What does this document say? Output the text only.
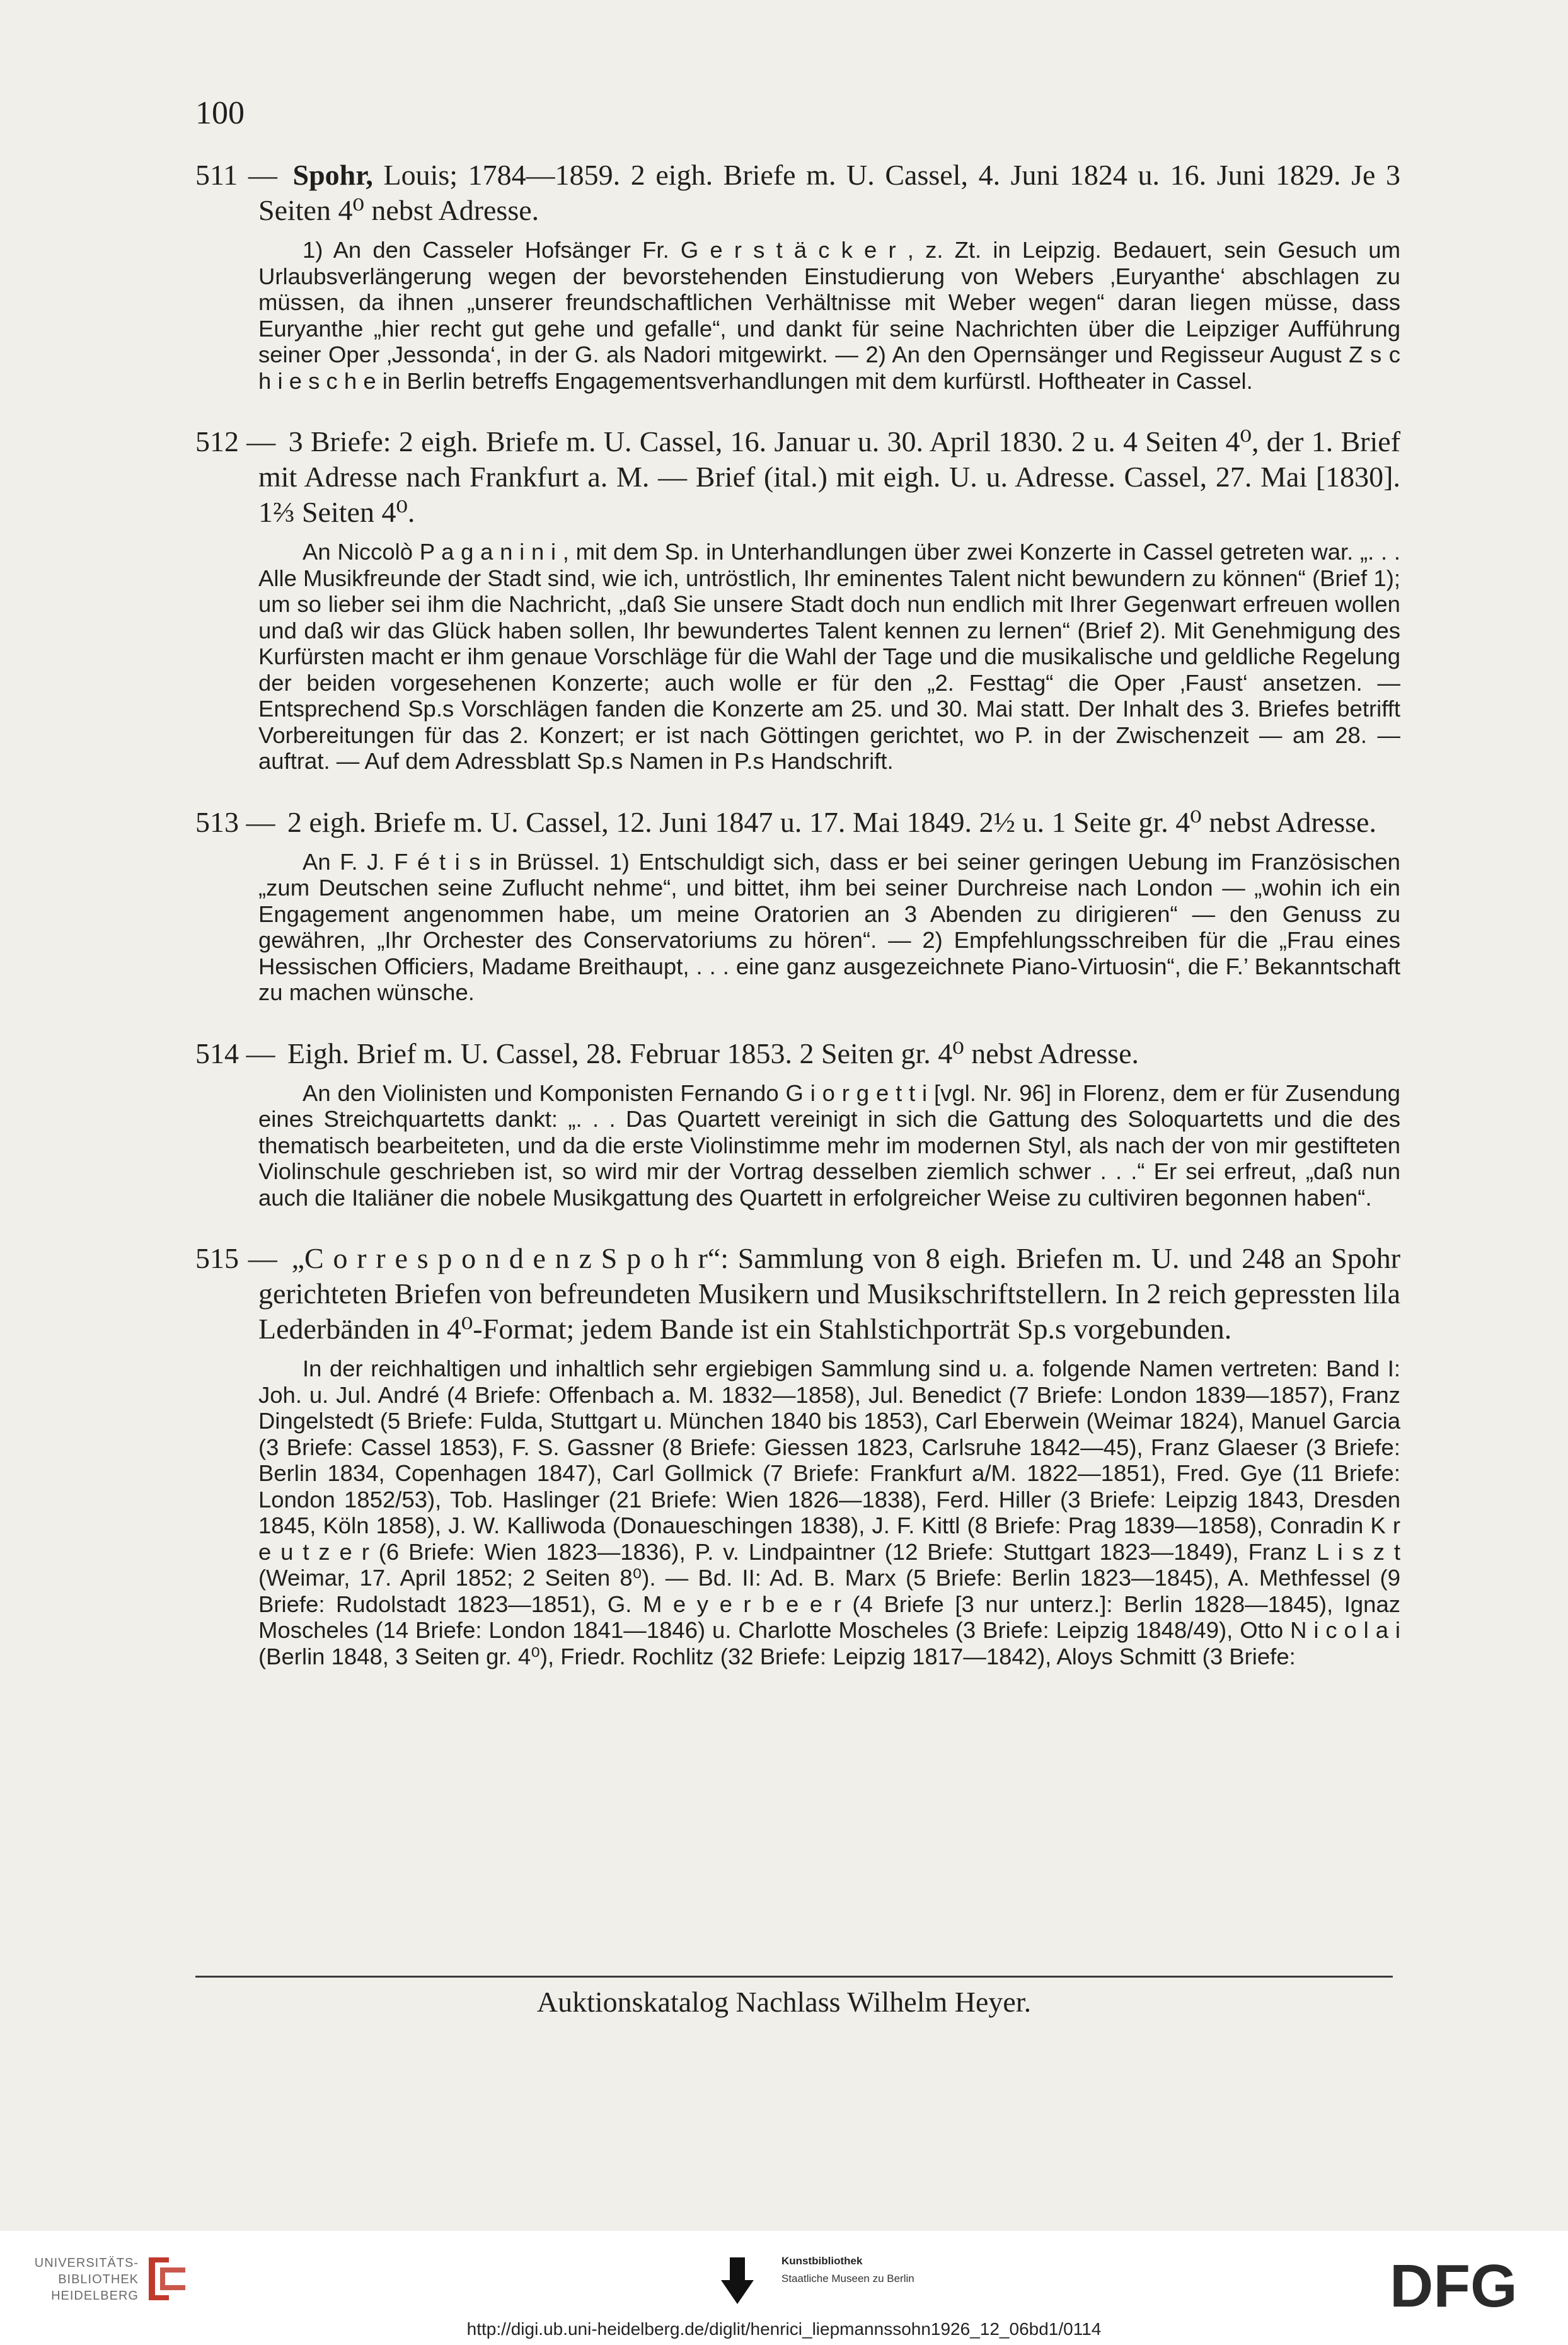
100
511 — Spohr, Louis; 1784—1859. 2 eigh. Briefe m. U. Cassel, 4. Juni 1824 u. 16. Juni 1829. Je 3 Seiten 4⁰ nebst Adresse.
1) An den Casseler Hofsänger Fr. G e r s t ä c k e r , z. Zt. in Leipzig. Bedauert, sein Gesuch um Urlaubsverlängerung wegen der bevorstehenden Einstudierung von Webers ‚Euryanthe‘ abschlagen zu müssen, da ihnen „unserer freundschaftlichen Verhältnisse mit Weber wegen“ daran liegen müsse, dass Euryanthe „hier recht gut gehe und gefalle“, und dankt für seine Nachrichten über die Leipziger Aufführung seiner Oper ‚Jessonda‘, in der G. als Nadori mitgewirkt. — 2) An den Opernsänger und Regisseur August Z s c h i e s c h e in Berlin betreffs Engagementsverhandlungen mit dem kurfürstl. Hoftheater in Cassel.
512 — 3 Briefe: 2 eigh. Briefe m. U. Cassel, 16. Januar u. 30. April 1830. 2 u. 4 Seiten 4⁰, der 1. Brief mit Adresse nach Frankfurt a. M. — Brief (ital.) mit eigh. U. u. Adresse. Cassel, 27. Mai [1830]. 1⅔ Seiten 4⁰.
An Niccolò P a g a n i n i , mit dem Sp. in Unterhandlungen über zwei Konzerte in Cassel getreten war. „. . . Alle Musikfreunde der Stadt sind, wie ich, untröstlich, Ihr eminentes Talent nicht bewundern zu können“ (Brief 1); um so lieber sei ihm die Nachricht, „daß Sie unsere Stadt doch nun endlich mit Ihrer Gegenwart erfreuen wollen und daß wir das Glück haben sollen, Ihr bewundertes Talent kennen zu lernen“ (Brief 2). Mit Genehmigung des Kurfürsten macht er ihm genaue Vorschläge für die Wahl der Tage und die musikalische und geldliche Regelung der beiden vorgesehenen Konzerte; auch wolle er für den „2. Festtag“ die Oper ‚Faust‘ ansetzen. — Entsprechend Sp.s Vorschlägen fanden die Konzerte am 25. und 30. Mai statt. Der Inhalt des 3. Briefes betrifft Vorbereitungen für das 2. Konzert; er ist nach Göttingen gerichtet, wo P. in der Zwischenzeit — am 28. — auftrat. — Auf dem Adressblatt Sp.s Namen in P.s Handschrift.
513 — 2 eigh. Briefe m. U. Cassel, 12. Juni 1847 u. 17. Mai 1849. 2½ u. 1 Seite gr. 4⁰ nebst Adresse.
An F. J. F é t i s in Brüssel. 1) Entschuldigt sich, dass er bei seiner geringen Uebung im Französischen „zum Deutschen seine Zuflucht nehme“, und bittet, ihm bei seiner Durchreise nach London — „wohin ich ein Engagement angenommen habe, um meine Oratorien an 3 Abenden zu dirigieren“ — den Genuss zu gewähren, „Ihr Orchester des Conservatoriums zu hören“. — 2) Empfehlungsschreiben für die „Frau eines Hessischen Officiers, Madame Breithaupt, . . . eine ganz ausgezeichnete Piano-Virtuosin“, die F.’ Bekanntschaft zu machen wünsche.
514 — Eigh. Brief m. U. Cassel, 28. Februar 1853. 2 Seiten gr. 4⁰ nebst Adresse.
An den Violinisten und Komponisten Fernando G i o r g e t t i [vgl. Nr. 96] in Florenz, dem er für Zusendung eines Streichquartetts dankt: „. . . Das Quartett vereinigt in sich die Gattung des Soloquartetts und die des thematisch bearbeiteten, und da die erste Violinstimme mehr im modernen Styl, als nach der von mir gestifteten Violinschule geschrieben ist, so wird mir der Vortrag desselben ziemlich schwer . . .“ Er sei erfreut, „daß nun auch die Italiäner die nobele Musikgattung des Quartett in erfolgreicher Weise zu cultiviren begonnen haben“.
515 — „C o r r e s p o n d e n z S p o h r“: Sammlung von 8 eigh. Briefen m. U. und 248 an Spohr gerichteten Briefen von befreundeten Musikern und Musikschriftstellern. In 2 reich gepressten lila Lederbänden in 4⁰-Format; jedem Bande ist ein Stahlstichporträt Sp.s vorgebunden.
In der reichhaltigen und inhaltlich sehr ergiebigen Sammlung sind u. a. folgende Namen vertreten: Band I: Joh. u. Jul. André (4 Briefe: Offenbach a. M. 1832—1858), Jul. Benedict (7 Briefe: London 1839—1857), Franz Dingelstedt (5 Briefe: Fulda, Stuttgart u. München 1840 bis 1853), Carl Eberwein (Weimar 1824), Manuel Garcia (3 Briefe: Cassel 1853), F. S. Gassner (8 Briefe: Giessen 1823, Carlsruhe 1842—45), Franz Glaeser (3 Briefe: Berlin 1834, Copenhagen 1847), Carl Gollmick (7 Briefe: Frankfurt a/M. 1822—1851), Fred. Gye (11 Briefe: London 1852/53), Tob. Haslinger (21 Briefe: Wien 1826—1838), Ferd. Hiller (3 Briefe: Leipzig 1843, Dresden 1845, Köln 1858), J. W. Kalliwoda (Donaueschingen 1838), J. F. Kittl (8 Briefe: Prag 1839—1858), Conradin K r e u t z e r (6 Briefe: Wien 1823—1836), P. v. Lindpaintner (12 Briefe: Stuttgart 1823—1849), Franz L i s z t (Weimar, 17. April 1852; 2 Seiten 8⁰). — Bd. II: Ad. B. Marx (5 Briefe: Berlin 1823—1845), A. Methfessel (9 Briefe: Rudolstadt 1823—1851), G. M e y e r b e e r (4 Briefe [3 nur unterz.]: Berlin 1828—1845), Ignaz Moscheles (14 Briefe: London 1841—1846) u. Charlotte Moscheles (3 Briefe: Leipzig 1848/49), Otto N i c o l a i (Berlin 1848, 3 Seiten gr. 4⁰), Friedr. Rochlitz (32 Briefe: Leipzig 1817—1842), Aloys Schmitt (3 Briefe:
Auktionskatalog Nachlass Wilhelm Heyer.
UNIVERSITÄTS-
BIBLIOTHEK
HEIDELBERG
Kunstbibliothek
Staatliche Museen zu Berlin	DFG
http://digi.ub.uni-heidelberg.de/diglit/henrici_liepmannssohn1926_12_06bd1/0114
